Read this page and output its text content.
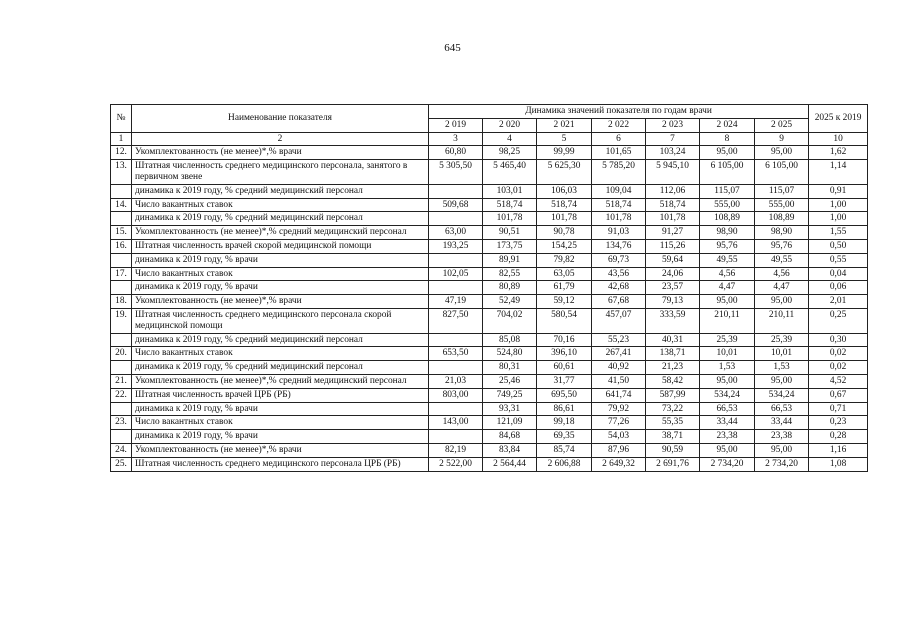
645
№	Наименование показателя	Динамика значений показателя по годам врачи							2025 к 2019
		2 019	2 020	2 021	2 022	2 023	2 024	2 025	
1	2	3	4	5	6	7	8	9	10
12.	Укомплектованность (не менее)*,% врачи	60,80	98,25	99,99	101,65	103,24	95,00	95,00	1,62
13.	Штатная численность среднего медицинского персонала, занятого в первичном звене	5 305,50	5 465,40	5 625,30	5 785,20	5 945,10	6 105,00	6 105,00	1,14
	динамика к 2019 году, % средний медицинский персонал		103,01	106,03	109,04	112,06	115,07	115,07	0,91
14.	Число вакантных ставок	509,68	518,74	518,74	518,74	518,74	555,00	555,00	1,00
	динамика к 2019 году, % средний медицинский персонал		101,78	101,78	101,78	101,78	108,89	108,89	1,00
15.	Укомплектованность (не менее)*,% средний медицинский персонал	63,00	90,51	90,78	91,03	91,27	98,90	98,90	1,55
16.	Штатная численность врачей скорой медицинской помощи	193,25	173,75	154,25	134,76	115,26	95,76	95,76	0,50
	динамика к 2019 году, % врачи		89,91	79,82	69,73	59,64	49,55	49,55	0,55
17.	Число вакантных ставок	102,05	82,55	63,05	43,56	24,06	4,56	4,56	0,04
	динамика к 2019 году, % врачи		80,89	61,79	42,68	23,57	4,47	4,47	0,06
18.	Укомплектованность (не менее)*,% врачи	47,19	52,49	59,12	67,68	79,13	95,00	95,00	2,01
19.	Штатная численность среднего медицинского персонала скорой медицинской помощи	827,50	704,02	580,54	457,07	333,59	210,11	210,11	0,25
	динамика к 2019 году, % средний медицинский персонал		85,08	70,16	55,23	40,31	25,39	25,39	0,30
20.	Число вакантных ставок	653,50	524,80	396,10	267,41	138,71	10,01	10,01	0,02
	динамика к 2019 году, % средний медицинский персонал		80,31	60,61	40,92	21,23	1,53	1,53	0,02
21.	Укомплектованность (не менее)*,% средний медицинский персонал	21,03	25,46	31,77	41,50	58,42	95,00	95,00	4,52
22.	Штатная численность врачей ЦРБ (РБ)	803,00	749,25	695,50	641,74	587,99	534,24	534,24	0,67
	динамика к 2019 году, % врачи		93,31	86,61	79,92	73,22	66,53	66,53	0,71
23.	Число вакантных ставок	143,00	121,09	99,18	77,26	55,35	33,44	33,44	0,23
	динамика к 2019 году, % врачи		84,68	69,35	54,03	38,71	23,38	23,38	0,28
24.	Укомплектованность (не менее)*,% врачи	82,19	83,84	85,74	87,96	90,59	95,00	95,00	1,16
25.	Штатная численность среднего медицинского персонала ЦРБ (РБ)	2 522,00	2 564,44	2 606,88	2 649,32	2 691,76	2 734,20	2 734,20	1,08
